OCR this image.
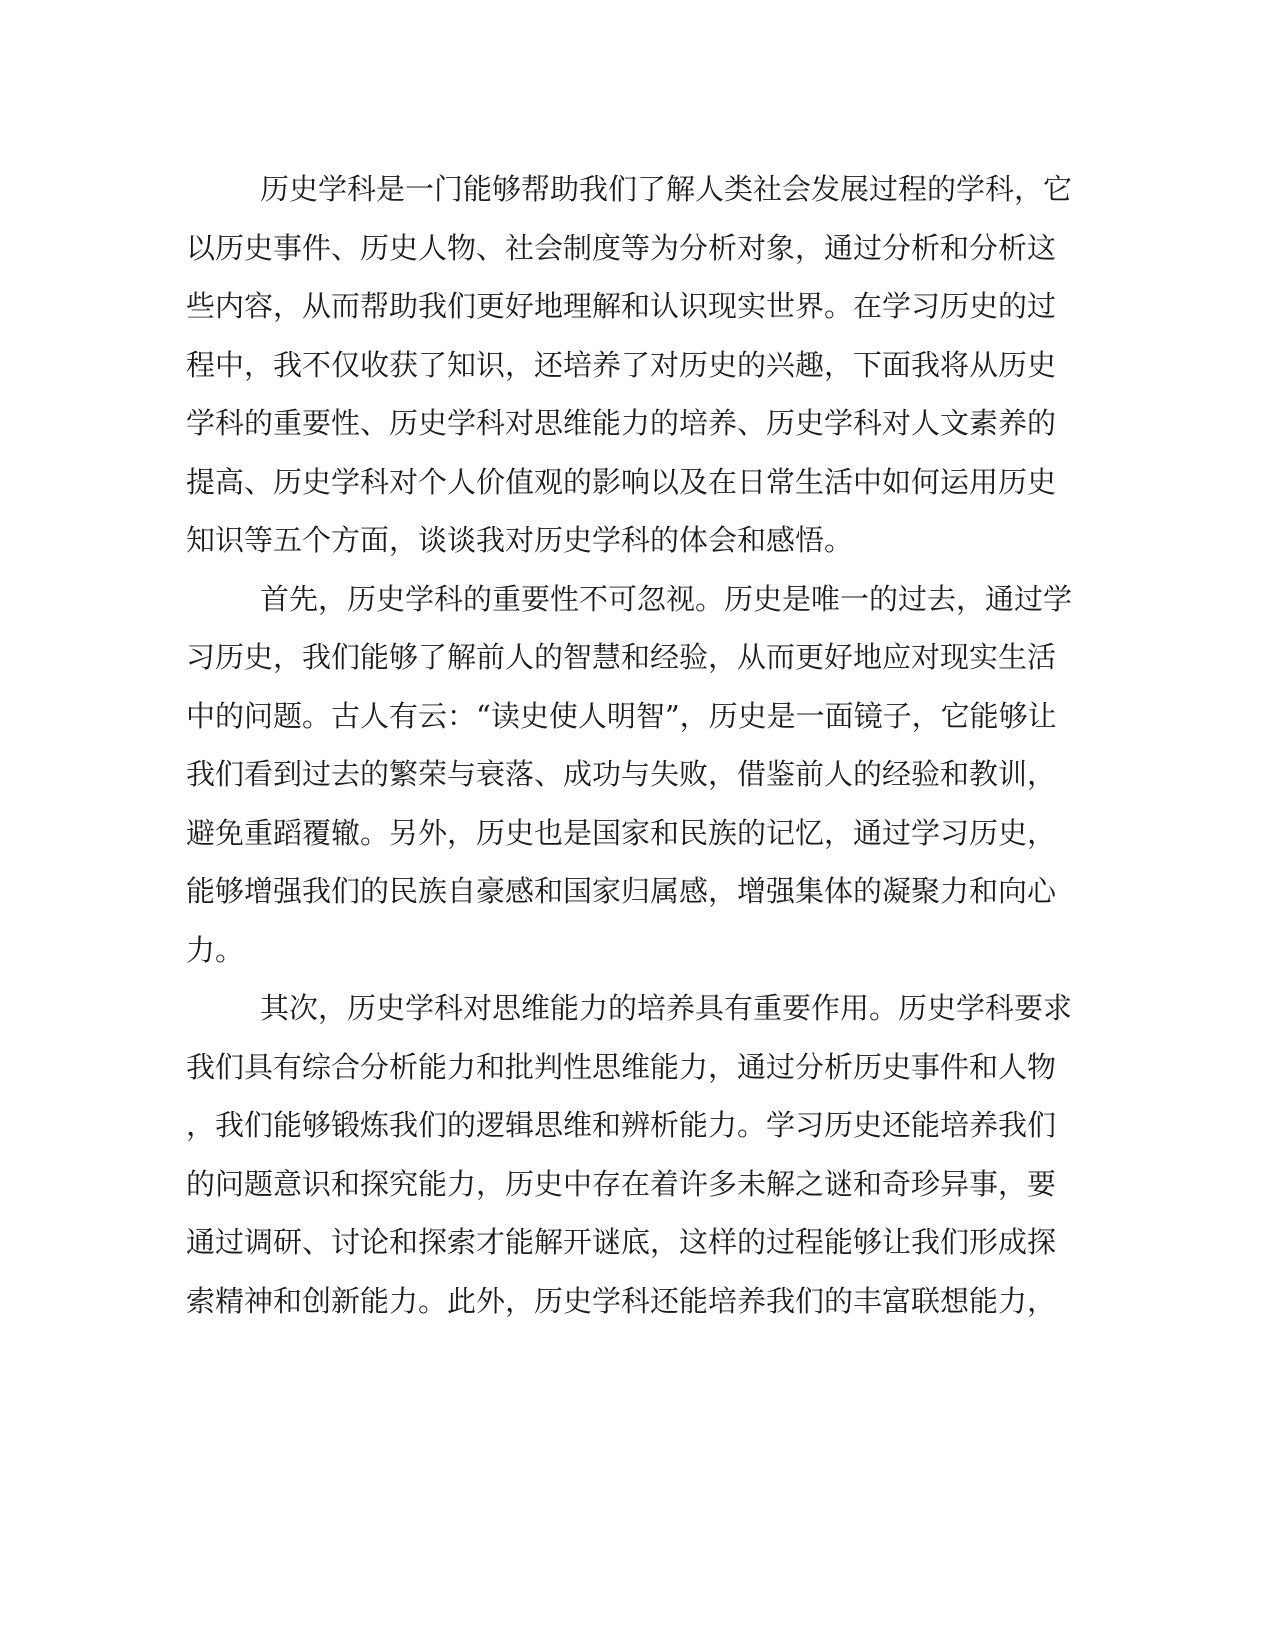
历史学科是一门能够帮助我们了解人类社会发展过程的学科，它
以历史事件、历史人物、社会制度等为分析对象，通过分析和分析这
些内容，从而帮助我们更好地理解和认识现实世界。在学习历史的过
程中，我不仅收获了知识，还培养了对历史的兴趣，下面我将从历史
学科的重要性、历史学科对思维能力的培养、历史学科对人文素养的
提高、历史学科对个人价值观的影响以及在日常生活中如何运用历史
知识等五个方面，谈谈我对历史学科的体会和感悟。
首先，历史学科的重要性不可忽视。历史是唯一的过去，通过学
习历史，我们能够了解前人的智慧和经验，从而更好地应对现实生活
中的问题。古人有云：“读史使人明智”，历史是一面镜子，它能够让
我们看到过去的繁荣与衰落、成功与失败，借鉴前人的经验和教训，
避免重蹈覆辙。另外，历史也是国家和民族的记忆，通过学习历史，
能够增强我们的民族自豪感和国家归属感，增强集体的凝聚力和向心
力。
其次，历史学科对思维能力的培养具有重要作用。历史学科要求
我们具有综合分析能力和批判性思维能力，通过分析历史事件和人物
，我们能够锻炼我们的逻辑思维和辨析能力。学习历史还能培养我们
的问题意识和探究能力，历史中存在着许多未解之谜和奇珍异事，要
通过调研、讨论和探索才能解开谜底，这样的过程能够让我们形成探
索精神和创新能力。此外，历史学科还能培养我们的丰富联想能力，
